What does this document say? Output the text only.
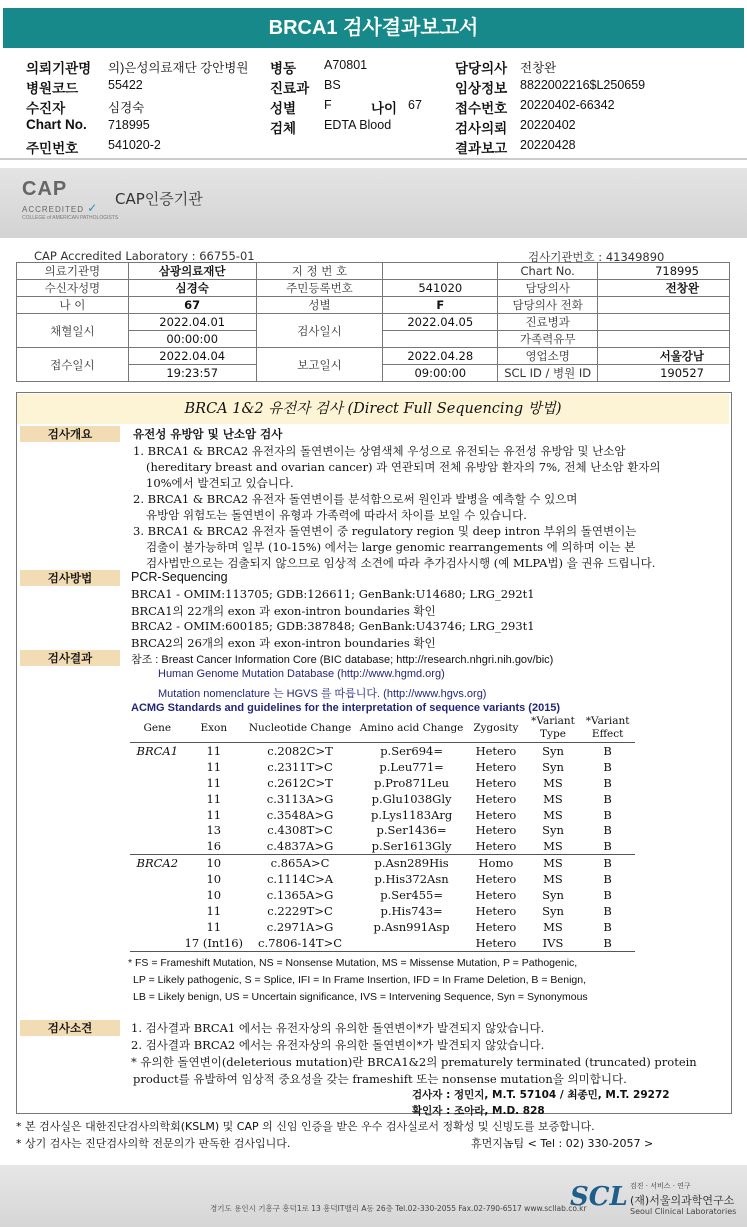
BRCA1 검사결과보고서
의뢰기관명 의)은성의료재단 강안병원
병원코드 55422
수진자	심경숙
Chart No. 718995
주민번호 541020-2
병동 A70801
진료과 BS
성별 F	나이 67
검체 EDTA Blood
담당의사 전창완
임상정보 8822002216$L250659
접수번호 20220402-66342
검사의뢰 20220402
결과보고 20220428
CAP
ACCREDITED ✓
COLLEGE of AMERICAN PATHOLOGISTS
CAP인증기관
CAP Accredited Laboratory : 66755-01	검사기관번호 : 41349890
의료기관명	삼광의료재단	지 정 번 호		Chart No.	718995
수신자성명	심경숙	주민등록번호	541020	담당의사	전창완
나 이	67	성별	F	담당의사 전화	
채혈일시	2022.04.01	검사일시	2022.04.05	진료병과	
	00:00:00			가족력유무	
접수일시	2022.04.04	보고일시	2022.04.28	영업소명	서울강남
	19:23:57		09:00:00	SCL ID / 병원 ID	190527
BRCA 1&2 유전자 검사 (Direct Full Sequencing 방법)
검사개요	유전성 유방암 및 난소암 검사
1. BRCA1 & BRCA2 유전자의 돌연변이는 상염색체 우성으로 유전되는 유전성 유방암 및 난소암
(hereditary breast and ovarian cancer) 과 연관되며 전체 유방암 환자의 7%, 전체 난소암 환자의
10%에서 발견되고 있습니다.
2. BRCA1 & BRCA2 유전자 돌연변이를 분석함으로써 원인과 발병을 예측할 수 있으며
유방암 위험도는 돌연변이 유형과 가족력에 따라서 차이를 보일 수 있습니다.
3. BRCA1 & BRCA2 유전자 돌연변이 중 regulatory region 및 deep intron 부위의 돌연변이는
검출이 불가능하며 일부 (10-15%) 에서는 large genomic rearrangements 에 의하며 이는 본
검사법만으로는 검출되지 않으므로 임상적 소견에 따라 추가검사시행 (예 MLPA법) 을 권유 드립니다.
검사방법	PCR-Sequencing
BRCA1 - OMIM:113705; GDB:126611; GenBank:U14680; LRG_292t1
BRCA1의 22개의 exon 과 exon-intron boundaries 확인
BRCA2 - OMIM:600185; GDB:387848; GenBank:U43746; LRG_293t1
BRCA2의 26개의 exon 과 exon-intron boundaries 확인
검사결과	참조 : Breast Cancer Information Core (BIC database; http://research.nhgri.nih.gov/bic)
Human Genome Mutation Database (http://www.hgmd.org)
Mutation nomenclature 는 HGVS 를 따릅니다. (http://www.hgvs.org)
ACMG Standards and guidelines for the interpretation of sequence variants (2015)
Gene	Exon	Nucleotide Change	Amino acid Change	Zygosity	*Variant Type	*Variant Effect
BRCA1	11	c.2082C>T	p.Ser694=	Hetero	Syn	B
	11	c.2311T>C	p.Leu771=	Hetero	Syn	B
	11	c.2612C>T	p.Pro871Leu	Hetero	MS	B
	11	c.3113A>G	p.Glu1038Gly	Hetero	MS	B
	11	c.3548A>G	p.Lys1183Arg	Hetero	MS	B
	13	c.4308T>C	p.Ser1436=	Hetero	Syn	B
	16	c.4837A>G	p.Ser1613Gly	Hetero	MS	B
BRCA2	10	c.865A>C	p.Asn289His	Homo	MS	B
	10	c.1114C>A	p.His372Asn	Hetero	MS	B
	10	c.1365A>G	p.Ser455=	Hetero	Syn	B
	11	c.2229T>C	p.His743=	Hetero	Syn	B
	11	c.2971A>G	p.Asn991Asp	Hetero	MS	B
	17 (Int16)	c.7806-14T>C		Hetero	IVS	B
* FS = Frameshift Mutation, NS = Nonsense Mutation, MS = Missense Mutation, P = Pathogenic,
LP = Likely pathogenic, S = Splice, IFI = In Frame Insertion, IFD = In Frame Deletion, B = Benign,
LB = Likely benign, US = Uncertain significance, IVS = Intervening Sequence, Syn = Synonymous
검사소견	1. 검사결과 BRCA1 에서는 유전자상의 유의한 돌연변이*가 발견되지 않았습니다.
2. 검사결과 BRCA2 에서는 유전자상의 유의한 돌연변이*가 발견되지 않았습니다.
* 유의한 돌연변이(deleterious mutation)란 BRCA1&2의 prematurely terminated (truncated) protein
product를 유발하여 임상적 중요성을 갖는 frameshift 또는 nonsense mutation을 의미합니다.
검사자 : 정민지, M.T. 57104 / 최종민, M.T. 29272
확인자 : 조아라, M.D. 828
* 본 검사실은 대한진단검사의학회(KSLM) 및 CAP 의 신임 인증을 받은 우수 검사실로서 정확성 및 신빙도를 보증합니다.
* 상기 검사는 진단검사의학 전문의가 판독한 검사입니다.	휴먼지놈팀 < Tel : 02) 330-2057 >
경기도 용인시 기흥구 흥덕1로 13 흥덕IT밸리 A동 26층 Tel.02-330-2055 Fax.02-790-6517 www.scllab.co.kr
SCL 검진 · 서비스 · 연구
(재)서울의과학연구소
Seoul Clinical Laboratories
